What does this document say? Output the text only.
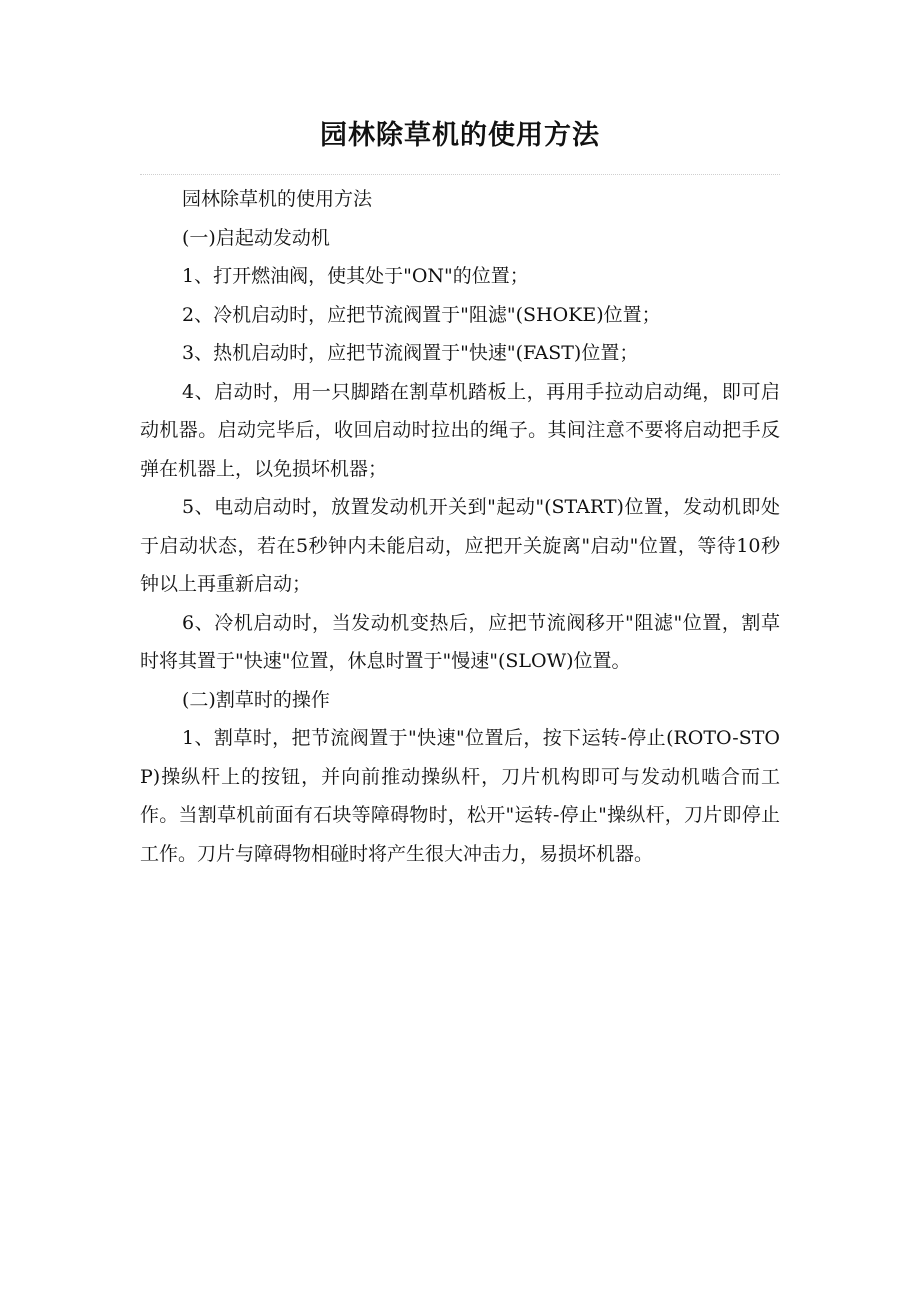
园林除草机的使用方法

园林除草机的使用方法

(一)启起动发动机

1、打开燃油阀，使其处于"ON"的位置；

2、冷机启动时，应把节流阀置于"阻滤"(SHOKE)位置；

3、热机启动时，应把节流阀置于"快速"(FAST)位置；

4、启动时，用一只脚踏在割草机踏板上，再用手拉动启动绳，即可启动机器。启动完毕后，收回启动时拉出的绳子。其间注意不要将启动把手反弹在机器上，以免损坏机器；

5、电动启动时，放置发动机开关到"起动"(START)位置，发动机即处于启动状态，若在5秒钟内未能启动，应把开关旋离"启动"位置，等待10秒钟以上再重新启动；

6、冷机启动时，当发动机变热后，应把节流阀移开"阻滤"位置，割草时将其置于"快速"位置，休息时置于"慢速"(SLOW)位置。

(二)割草时的操作

1、割草时，把节流阀置于"快速"位置后，按下运转-停止(ROTO-STOP)操纵杆上的按钮，并向前推动操纵杆，刀片机构即可与发动机啮合而工作。当割草机前面有石块等障碍物时，松开"运转-停止"操纵杆，刀片即停止工作。刀片与障碍物相碰时将产生很大冲击力，易损坏机器。
